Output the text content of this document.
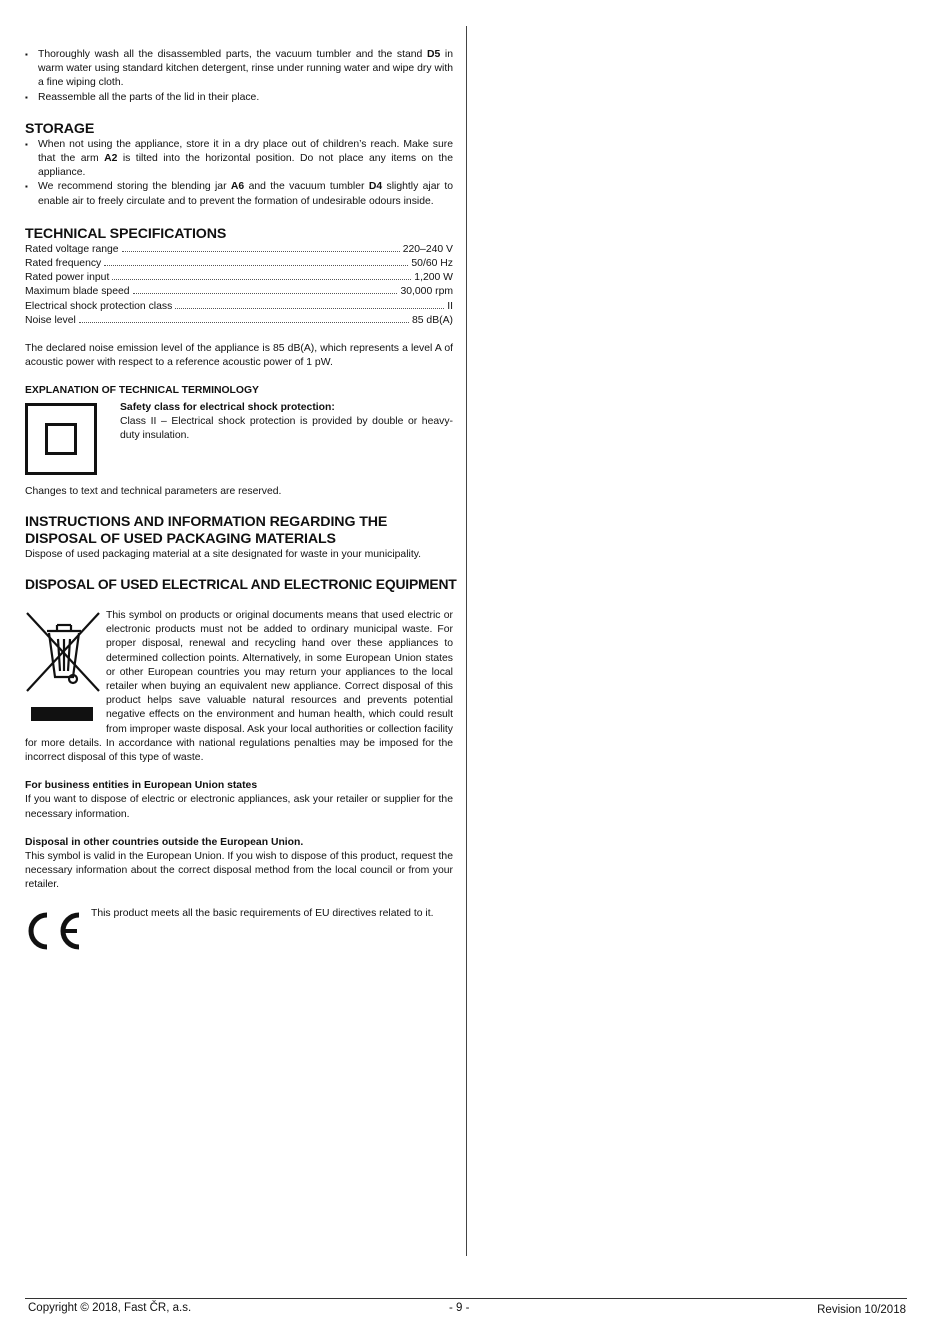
▪ Thoroughly wash all the disassembled parts, the vacuum tumbler and the stand D5 in warm water using standard kitchen detergent, rinse under running water and wipe dry with a fine wiping cloth.
▪ Reassemble all the parts of the lid in their place.
STORAGE
▪ When not using the appliance, store it in a dry place out of children’s reach. Make sure that the arm A2 is tilted into the horizontal position. Do not place any items on the appliance.
▪ We recommend storing the blending jar A6 and the vacuum tumbler D4 slightly ajar to enable air to freely circulate and to prevent the formation of undesirable odours inside.
TECHNICAL SPECIFICATIONS
Rated voltage range	220–240 V
Rated frequency	50/60 Hz
Rated power input	1,200 W
Maximum blade speed	30,000 rpm
Electrical shock protection class	II
Noise level	85 dB(A)

The declared noise emission level of the appliance is 85 dB(A), which represents a level A of acoustic power with respect to a reference acoustic power of 1 pW.

EXPLANATION OF TECHNICAL TERMINOLOGY
Safety class for electrical shock protection:

Class II – Electrical shock protection is provided by double or heavy-duty insulation.

Changes to text and technical parameters are reserved.

INSTRUCTIONS AND INFORMATION REGARDING THE
DISPOSAL OF USED PACKAGING MATERIALS

Dispose of used packaging material at a site designated for waste in your municipality.

DISPOSAL OF USED ELECTRICAL AND ELECTRONIC EQUIPMENT

This symbol on products or original documents means that used electric or electronic products must not be added to ordinary municipal waste. For proper disposal, renewal and recycling hand over these appliances to determined collection points. Alternatively, in some European Union states or other European countries you may return your appliances to the local retailer when buying an equivalent new appliance. Correct disposal of this product helps save valuable natural resources and prevents potential negative effects on the environment and human health, which could result from improper waste disposal. Ask your local authorities or collection facility for more details. In accordance with national regulations penalties may be imposed for the incorrect disposal of this type of waste.

For business entities in European Union states

If you want to dispose of electric or electronic appliances, ask your retailer or supplier for the necessary information.

Disposal in other countries outside the European Union.

This symbol is valid in the European Union. If you wish to dispose of this product, request the necessary information about the correct disposal method from the local council or from your retailer.

This product meets all the basic requirements of EU directives related to it.

Copyright © 2018, Fast ČR, a.s.	- 9 -	Revision 10/2018
